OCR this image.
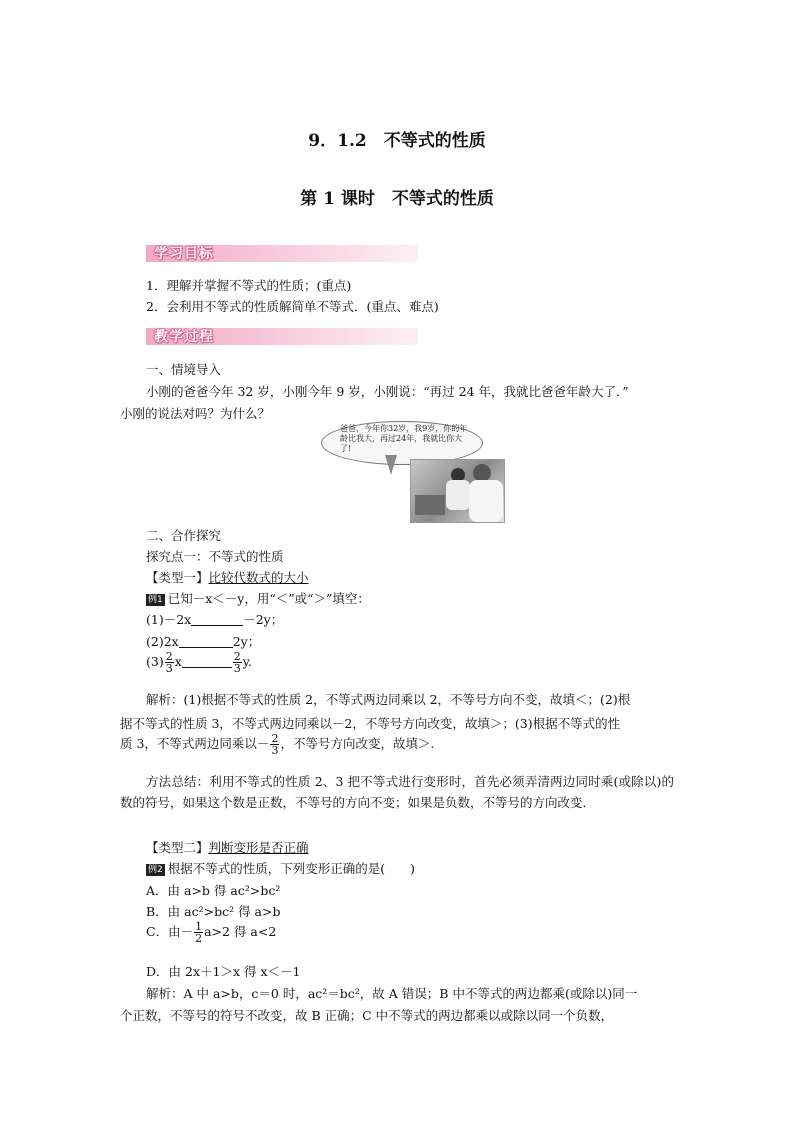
9．1.2　不等式的性质
第 1 课时　不等式的性质
学习目标
1．理解并掌握不等式的性质；(重点)
2．会利用不等式的性质解简单不等式．(重点、难点)
教学过程
一、情境导入
小刚的爸爸今年 32 岁，小刚今年 9 岁，小刚说：“再过 24 年，我就比爸爸年龄大了．”
小刚的说法对吗？为什么？
爸爸，今年你32岁，我9岁，你的年龄比我大，再过24年，我就比你大了!
二、合作探究
探究点一：不等式的性质
【类型一】比较代数式的大小
例1 已知－x＜－y，用“＜”或“＞”填空：
(1)－2x	－2y；
(2)2x	2y；
$(3) \frac{2}{3}$ x	$\frac{2}{3} y$.
解析：(1)根据不等式的性质 2，不等式两边同乘以 2，不等号方向不变，故填＜；(2)根
据不等式的性质 3，不等式两边同乘以－2，不等号方向改变，故填＞；(3)根据不等式的性
质 3，不等式两边同乘以－ $\frac{2}{3}$ ，不等号方向改变，故填＞.
方法总结：利用不等式的性质 2、3 把不等式进行变形时，首先必须弄清两边同时乘(或除以)的数的符号，如果这个数是正数，不等号的方向不变；如果是负数，不等号的方向改变．
【类型二】判断变形是否正确
例2 根据不等式的性质，下列变形正确的是(　　)
A．由 a>b 得 ac²>bc²
B．由 ac²>bc² 得 a>b
C．由－ $\frac{1}{2} a>2$ 得 a<2
D．由 2x＋1＞x 得 x＜－1
解析：A 中 a>b，c＝0 时，ac²＝bc²，故 A 错误；B 中不等式的两边都乘(或除以)同一
个正数，不等号的符号不改变，故 B 正确；C 中不等式的两边都乘以或除以同一个负数，
